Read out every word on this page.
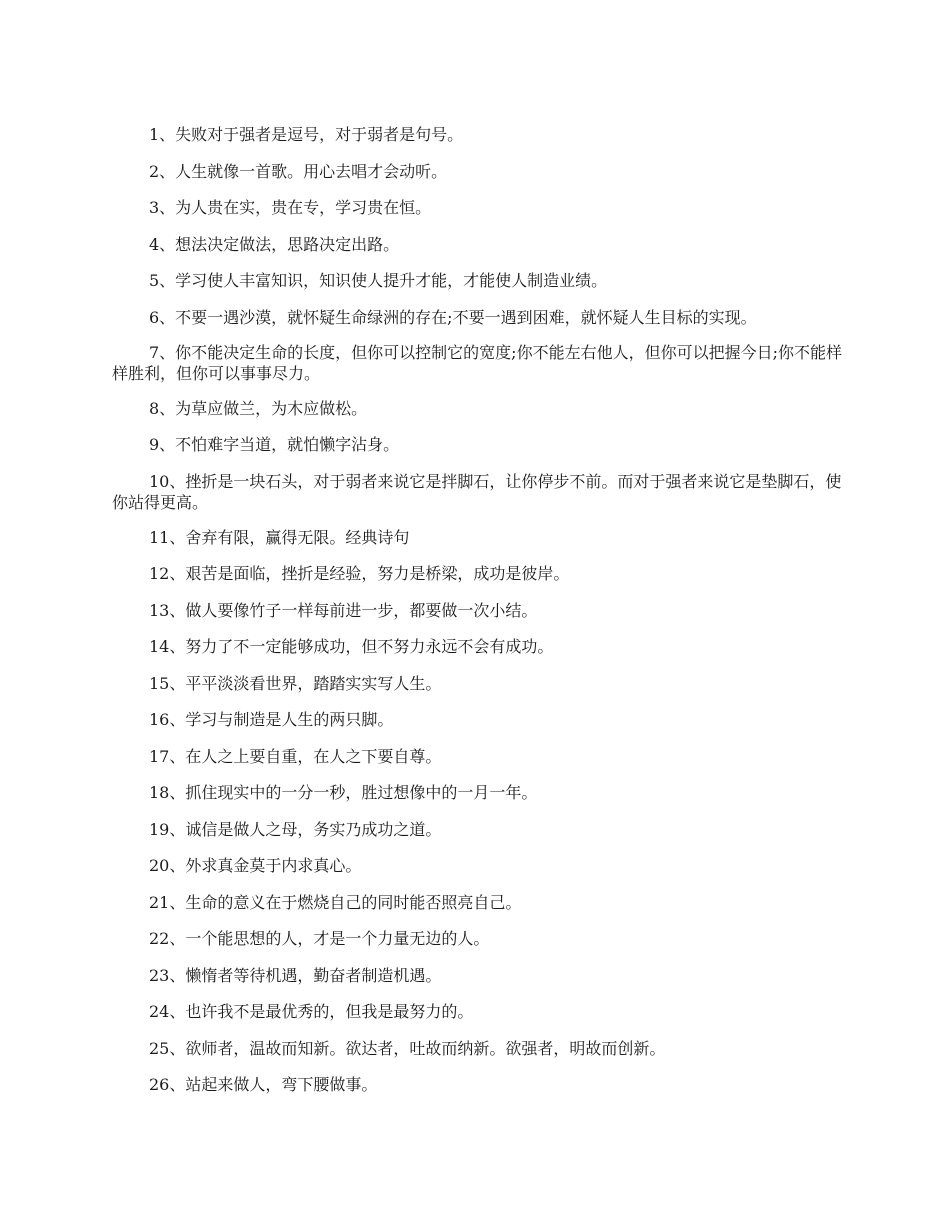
1、失败对于强者是逗号，对于弱者是句号。

2、人生就像一首歌。用心去唱才会动听。

3、为人贵在实，贵在专，学习贵在恒。

4、想法决定做法，思路决定出路。

5、学习使人丰富知识，知识使人提升才能，才能使人制造业绩。

6、不要一遇沙漠，就怀疑生命绿洲的存在;不要一遇到困难，就怀疑人生目标的实现。

7、你不能决定生命的长度，但你可以控制它的宽度;你不能左右他人，但你可以把握今日;你不能样样胜利，但你可以事事尽力。

8、为草应做兰，为木应做松。

9、不怕难字当道，就怕懒字沾身。

10、挫折是一块石头，对于弱者来说它是拌脚石，让你停步不前。而对于强者来说它是垫脚石，使你站得更高。

11、舍弃有限，赢得无限。经典诗句

12、艰苦是面临，挫折是经验，努力是桥梁，成功是彼岸。

13、做人要像竹子一样每前进一步，都要做一次小结。

14、努力了不一定能够成功，但不努力永远不会有成功。

15、平平淡淡看世界，踏踏实实写人生。

16、学习与制造是人生的两只脚。

17、在人之上要自重，在人之下要自尊。

18、抓住现实中的一分一秒，胜过想像中的一月一年。

19、诚信是做人之母，务实乃成功之道。

20、外求真金莫于内求真心。

21、生命的意义在于燃烧自己的同时能否照亮自己。

22、一个能思想的人，才是一个力量无边的人。

23、懒惰者等待机遇，勤奋者制造机遇。

24、也许我不是最优秀的，但我是最努力的。

25、欲师者，温故而知新。欲达者，吐故而纳新。欲强者，明故而创新。

26、站起来做人，弯下腰做事。
